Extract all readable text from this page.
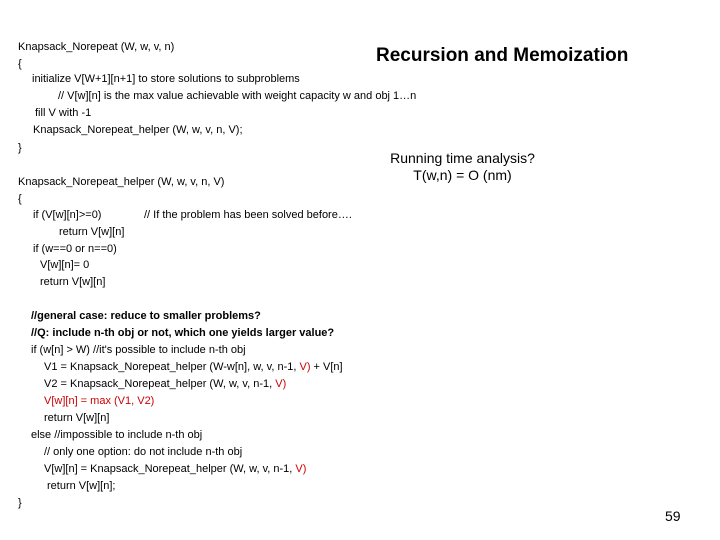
Recursion and Memoization
Running time analysis?
T(w,n) = O (nm)
Knapsack_Norepeat (W, w, v, n)
{
initialize V[W+1][n+1] to store solutions to subproblems
// V[w][n] is the max value achievable with weight capacity w and obj 1…n
fill V with -1
Knapsack_Norepeat_helper (W, w, v, n, V);
}
Knapsack_Norepeat_helper (W, w, v, n, V)
{
if (V[w][n]>=0)	// If the problem has been solved before….
return V[w][n]
if (w==0 or n==0)
V[w][n]= 0
return V[w][n]
//general case: reduce to smaller problems?
//Q: include n-th obj or not, which one yields larger value?
if (w[n] > W) //it's possible to include n-th obj
V1 = Knapsack_Norepeat_helper (W-w[n], w, v, n-1, V) + V[n]
V2 = Knapsack_Norepeat_helper (W, w, v, n-1, V)
V[w][n] = max (V1, V2)
return V[w][n]
else //impossible to include n-th obj
// only one option: do not include n-th obj
V[w][n] = Knapsack_Norepeat_helper (W, w, v, n-1, V)
return V[w][n];
}
59
